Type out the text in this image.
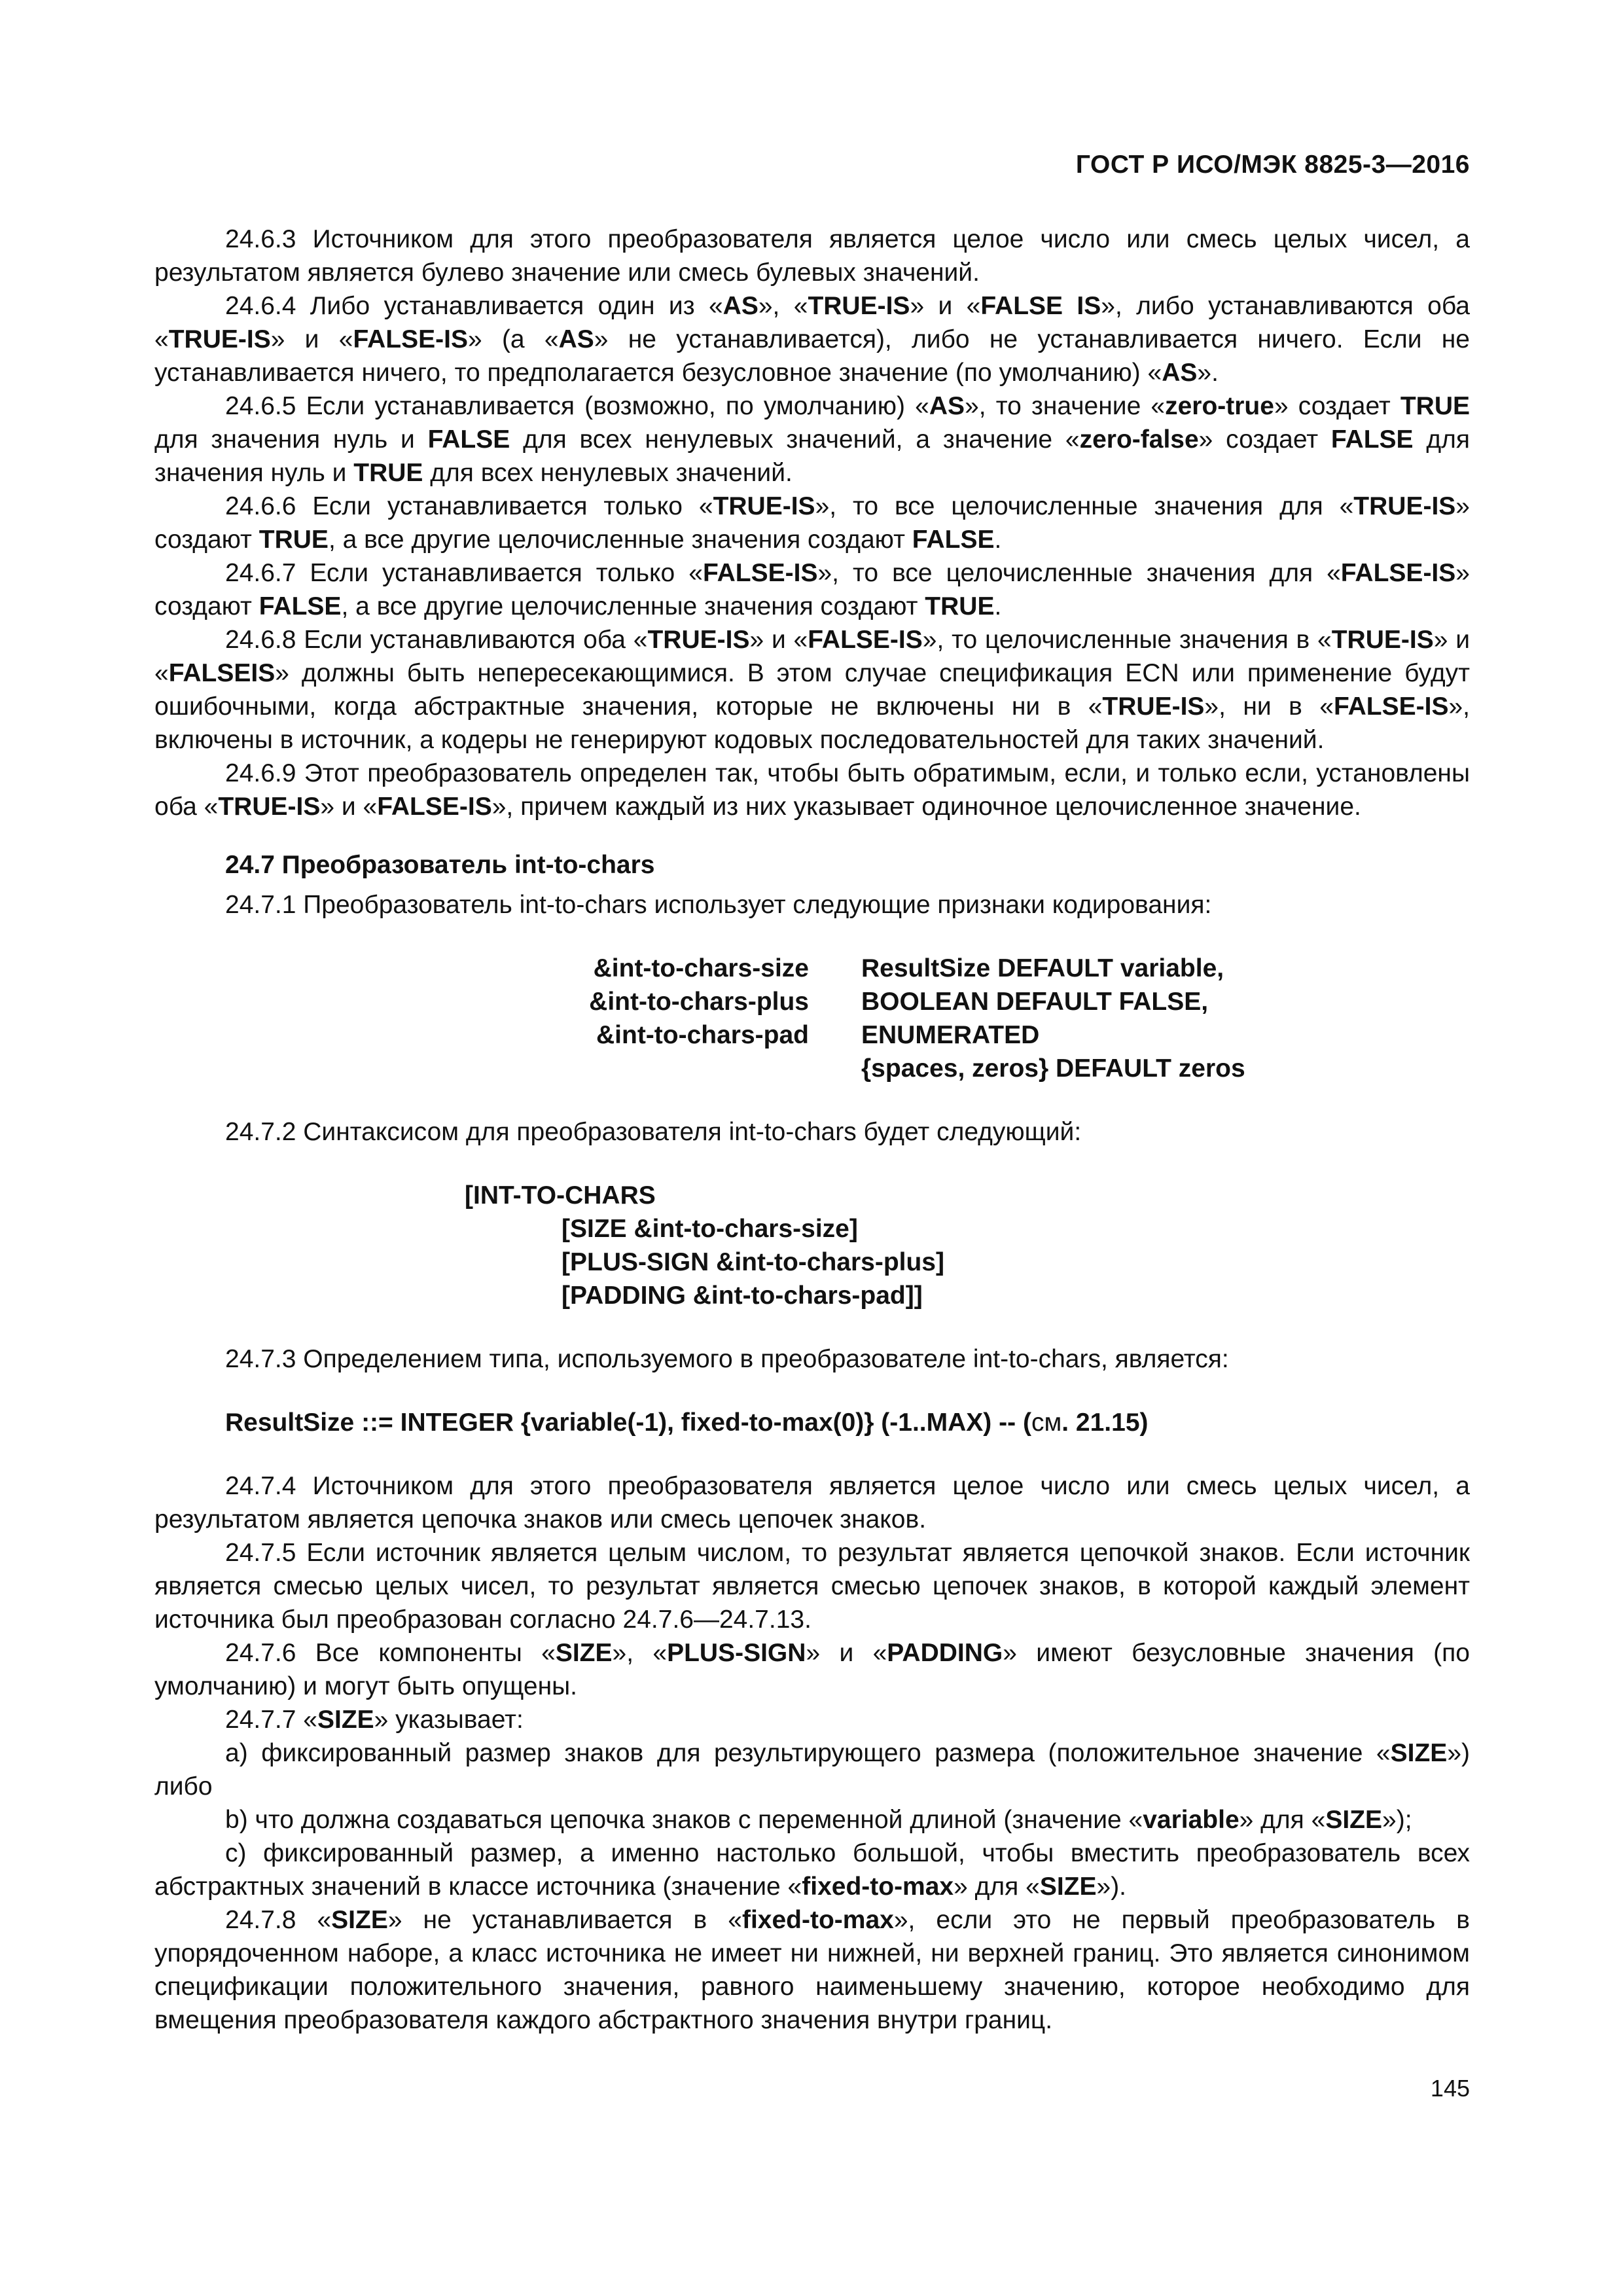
ГОСТ Р ИСО/МЭК 8825-3—2016

24.6.3 Источником для этого преобразователя является целое число или смесь целых чисел, а результатом является булево значение или смесь булевых значений.

24.6.4 Либо устанавливается один из «AS», «TRUE-IS» и «FALSE IS», либо устанавливаются оба «TRUE-IS» и «FALSE-IS» (а «AS» не устанавливается), либо не устанавливается ничего. Если не устанавливается ничего, то предполагается безусловное значение (по умолчанию) «AS».

24.6.5 Если устанавливается (возможно, по умолчанию) «AS», то значение «zero-true» создает TRUE для значения нуль и FALSE для всех ненулевых значений, а значение «zero-false» создает FALSE для значения нуль и TRUE для всех ненулевых значений.

24.6.6 Если устанавливается только «TRUE-IS», то все целочисленные значения для «TRUE-IS» создают TRUE, а все другие целочисленные значения создают FALSE.

24.6.7 Если устанавливается только «FALSE-IS», то все целочисленные значения для «FALSE-IS» создают FALSE, а все другие целочисленные значения создают TRUE.

24.6.8 Если устанавливаются оба «TRUE-IS» и «FALSE-IS», то целочисленные значения в «TRUE-IS» и «FALSEIS» должны быть непересекающимися. В этом случае спецификация ECN или применение будут ошибочными, когда абстрактные значения, которые не включены ни в «TRUE-IS», ни в «FALSE-IS», включены в источник, а кодеры не генерируют кодовых последовательностей для таких значений.

24.6.9 Этот преобразователь определен так, чтобы быть обратимым, если, и только если, установлены оба «TRUE-IS» и «FALSE-IS», причем каждый из них указывает одиночное целочисленное значение.

24.7 Преобразователь int-to-chars

24.7.1 Преобразователь int-to-chars использует следующие признаки кодирования:

&int-to-chars-size	ResultSize DEFAULT variable,
&int-to-chars-plus	BOOLEAN DEFAULT FALSE,
&int-to-chars-pad	ENUMERATED
{spaces, zeros} DEFAULT zeros

24.7.2 Синтаксисом для преобразователя int-to-chars будет следующий:

[INT-TO-CHARS
[SIZE &int-to-chars-size]
[PLUS-SIGN &int-to-chars-plus]
[PADDING &int-to-chars-pad]]

24.7.3 Определением типа, используемого в преобразователе int-to-chars, является:

ResultSize ::= INTEGER {variable(-1), fixed-to-max(0)} (-1..MAX) -- (см. 21.15)

24.7.4 Источником для этого преобразователя является целое число или смесь целых чисел, а результатом является цепочка знаков или смесь цепочек знаков.

24.7.5 Если источник является целым числом, то результат является цепочкой знаков. Если источник является смесью целых чисел, то результат является смесью цепочек знаков, в которой каждый элемент источника был преобразован согласно 24.7.6—24.7.13.

24.7.6 Все компоненты «SIZE», «PLUS-SIGN» и «PADDING» имеют безусловные значения (по умолчанию) и могут быть опущены.

24.7.7 «SIZE» указывает:

a) фиксированный размер знаков для результирующего размера (положительное значение «SIZE») либо

b) что должна создаваться цепочка знаков с переменной длиной (значение «variable» для «SIZE»);

c) фиксированный размер, а именно настолько большой, чтобы вместить преобразователь всех абстрактных значений в классе источника (значение «fixed-to-max» для «SIZE»).

24.7.8 «SIZE» не устанавливается в «fixed-to-max», если это не первый преобразователь в упорядоченном наборе, а класс источника не имеет ни нижней, ни верхней границ. Это является синонимом спецификации положительного значения, равного наименьшему значению, которое необходимо для вмещения преобразователя каждого абстрактного значения внутри границ.

145
